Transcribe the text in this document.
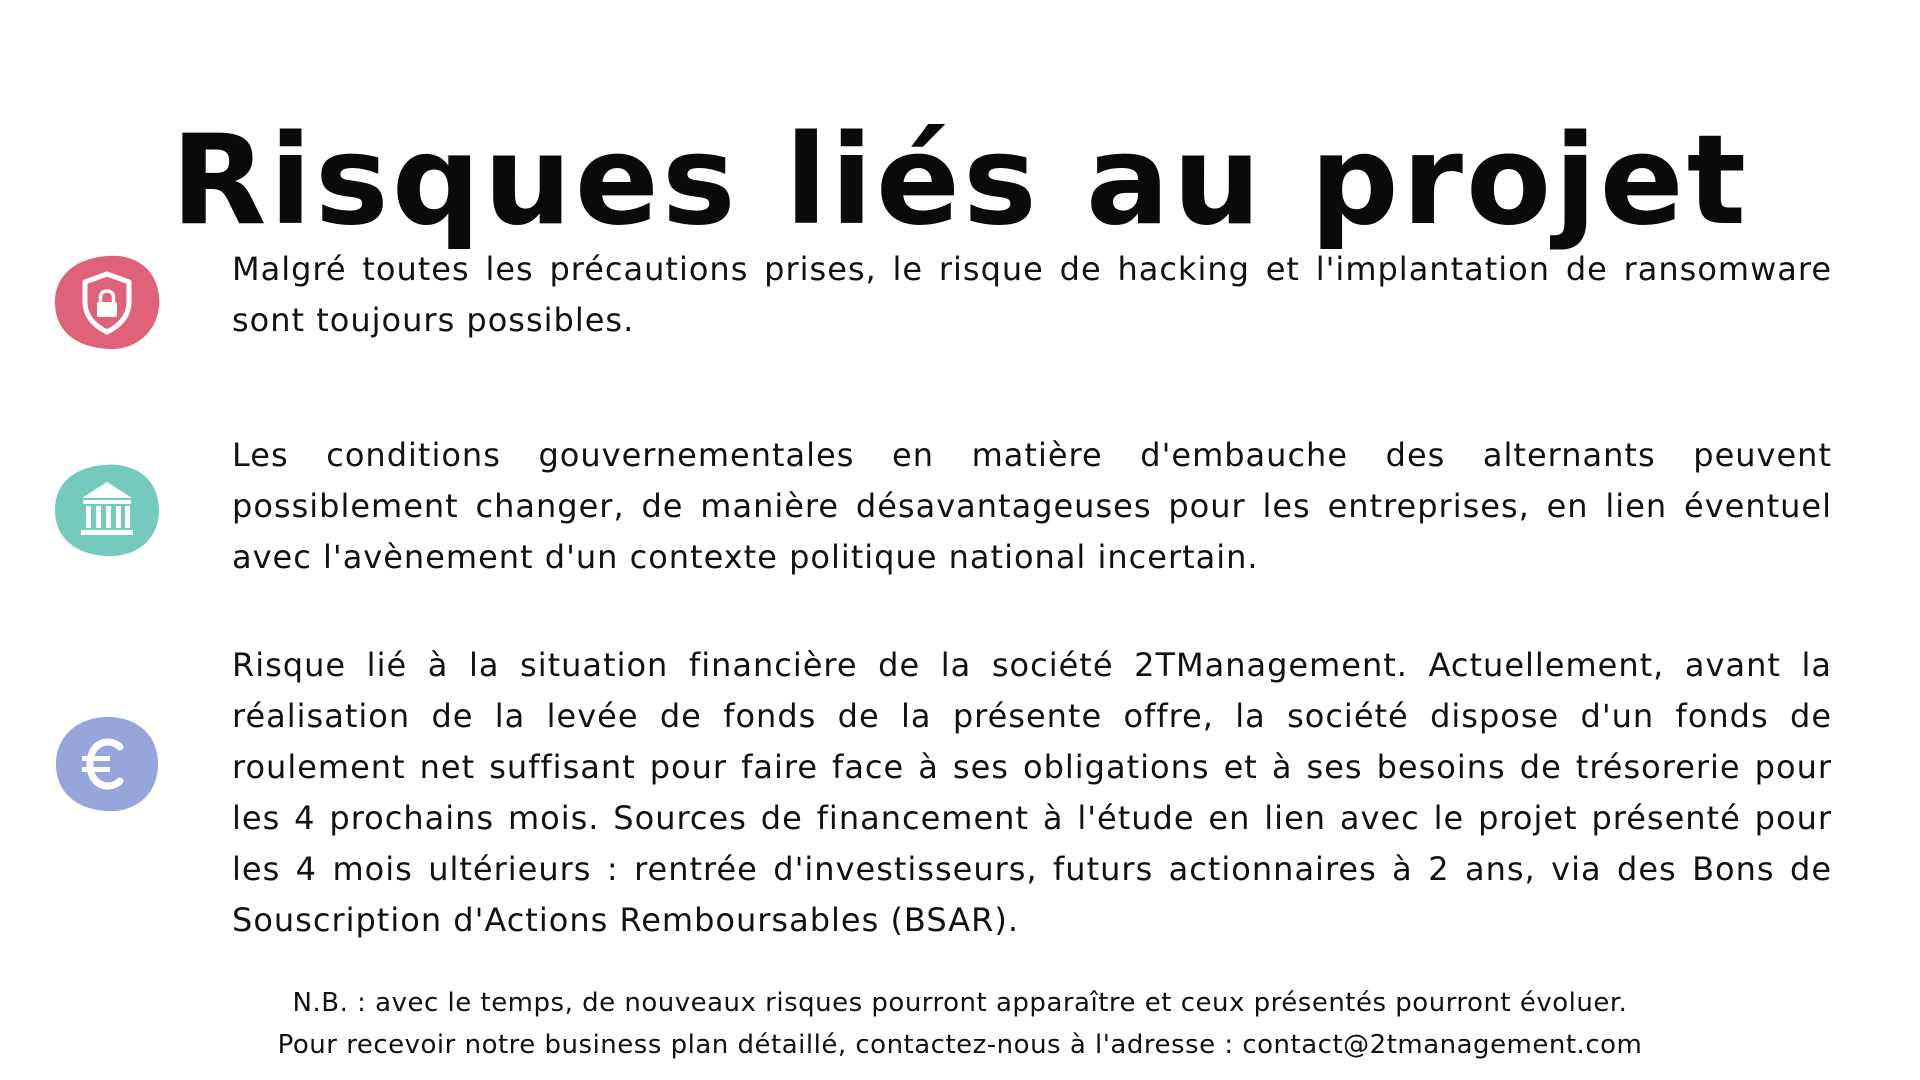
Risques liés au projet

Malgré toutes les précautions prises, le risque de hacking et l'implantation de ransomware sont toujours possibles.

Les conditions gouvernementales en matière d'embauche des alternants peuvent possiblement changer, de manière désavantageuses pour les entreprises, en lien éventuel avec l'avènement d'un contexte politique national incertain.

Risque lié à la situation financière de la société 2TManagement. Actuellement, avant la réalisation de la levée de fonds de la présente offre, la société dispose d'un fonds de roulement net suffisant pour faire face à ses obligations et à ses besoins de trésorerie pour les 4 prochains mois. Sources de financement à l'étude en lien avec le projet présenté pour les 4 mois ultérieurs : rentrée d'investisseurs, futurs actionnaires à 2 ans, via des Bons de Souscription d'Actions Remboursables (BSAR).

N.B. : avec le temps, de nouveaux risques pourront apparaître et ceux présentés pourront évoluer.
Pour recevoir notre business plan détaillé, contactez-nous à l'adresse : contact@2tmanagement.com
